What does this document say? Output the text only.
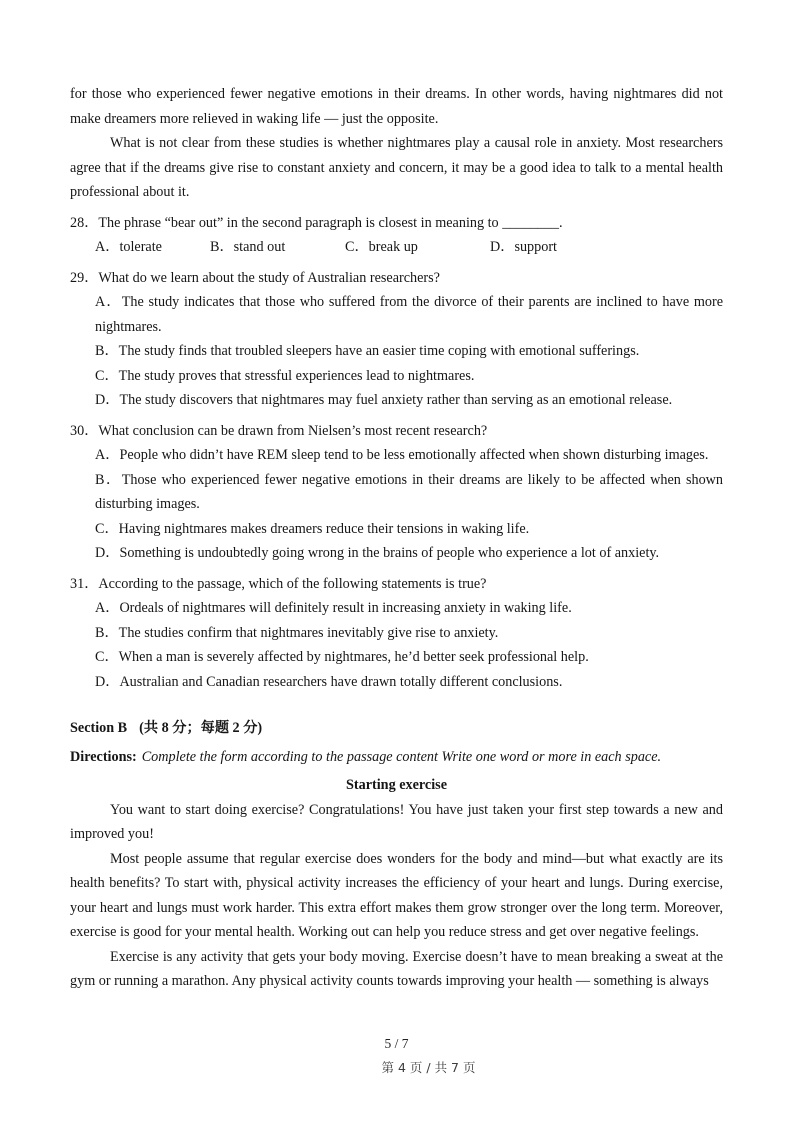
for those who experienced fewer negative emotions in their dreams. In other words, having nightmares did not make dreamers more relieved in waking life — just the opposite.

What is not clear from these studies is whether nightmares play a causal role in anxiety. Most researchers agree that if the dreams give rise to constant anxiety and concern, it may be a good idea to talk to a mental health professional about it.

28．The phrase “bear out” in the second paragraph is closest in meaning to ________.
A．tolerate	B．stand out	C．break up	D．support
29．What do we learn about the study of Australian researchers?
A．The study indicates that those who suffered from the divorce of their parents are inclined to have more nightmares.
B．The study finds that troubled sleepers have an easier time coping with emotional sufferings.
C．The study proves that stressful experiences lead to nightmares.
D．The study discovers that nightmares may fuel anxiety rather than serving as an emotional release.
30．What conclusion can be drawn from Nielsen’s most recent research?
A．People who didn’t have REM sleep tend to be less emotionally affected when shown disturbing images.
B．Those who experienced fewer negative emotions in their dreams are likely to be affected when shown disturbing images.
C．Having nightmares makes dreamers reduce their tensions in waking life.
D．Something is undoubtedly going wrong in the brains of people who experience a lot of anxiety.
31．According to the passage, which of the following statements is true?
A．Ordeals of nightmares will definitely result in increasing anxiety in waking life.
B．The studies confirm that nightmares inevitably give rise to anxiety.
C．When a man is severely affected by nightmares, he’d better seek professional help.
D．Australian and Canadian researchers have drawn totally different conclusions.
Section B (共 8 分；每题 2 分)
Directions: Complete the form according to the passage content Write one word or more in each space.
Starting exercise

You want to start doing exercise? Congratulations! You have just taken your first step towards a new and improved you!

Most people assume that regular exercise does wonders for the body and mind—but what exactly are its health benefits? To start with, physical activity increases the efficiency of your heart and lungs. During exercise, your heart and lungs must work harder. This extra effort makes them grow stronger over the long term. Moreover, exercise is good for your mental health. Working out can help you reduce stress and get over negative feelings.

Exercise is any activity that gets your body moving. Exercise doesn’t have to mean breaking a sweat at the gym or running a marathon. Any physical activity counts towards improving your health — something is always

5 / 7
第 4 页 / 共 7 页
